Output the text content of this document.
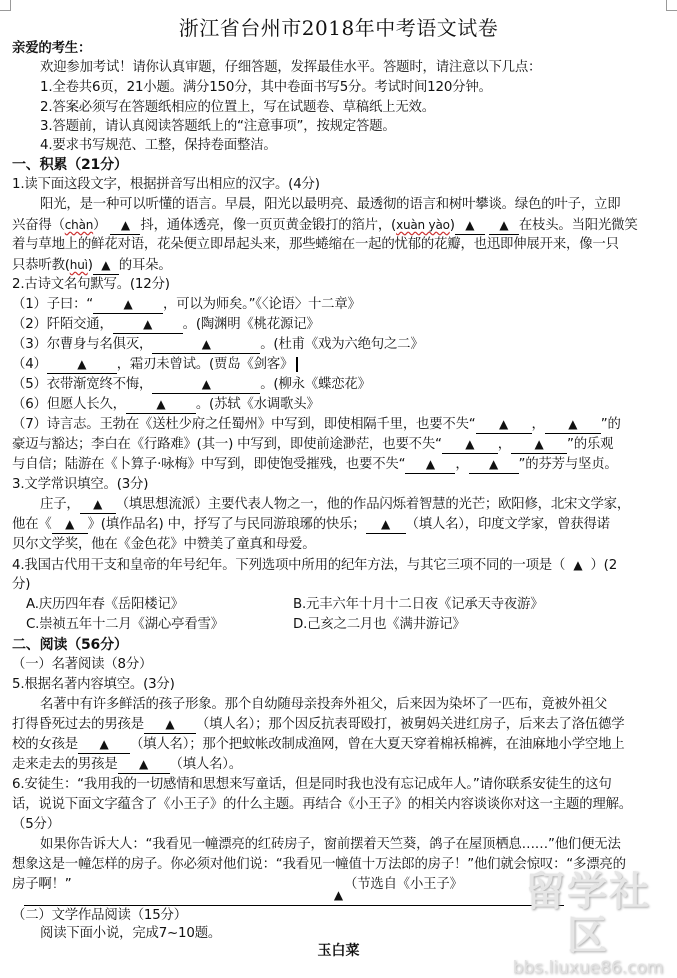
浙江省台州市2018年中考语文试卷
亲爱的考生：
欢迎参加考试！请你认真审题，仔细答题，发挥最佳水平。答题时，请注意以下几点：
1.全卷共6页，21小题。满分150分，其中卷面书写5分。考试时间120分钟。
2.答案必须写在答题纸相应的位置上，写在试题卷、草稿纸上无效。
3.答题前，请认真阅读答题纸上的“注意事项”，按规定答题。
4.要求书写规范、工整，保持卷面整洁。
一、积累（21分）
1.读下面这段文字，根据拼音写出相应的汉字。(4分)
阳光，是一种可以听懂的语言。早晨，阳光以最明亮、最透彻的语言和树叶攀谈。绿色的叶子，立即
兴奋得（chàn） ▲ 抖，通体透亮，像一页页黄金锻打的箔片，(xuàn yào) ▲ ▲ 在枝头。当阳光微笑
着与草地上的鲜花对语，花朵便立即昂起头来，那些蜷缩在一起的忧郁的花瓣，也迅即伸展开来，像一只
只恭听教(huì) ▲ 的耳朵。
2.古诗文名句默写。(12分)
（1）子曰：“	▲ ，可以为师矣。”《〈论语〉十二章》
（2）阡陌交通，	▲ 。(陶渊明《桃花源记》
（3）尔曹身与名俱灭，	▲	。(杜甫《戏为六绝句之二》
（4）	▲ ，霜刃未曾试。(贾岛《剑客》
（5）衣带渐宽终不悔，	▲	。(柳永《蝶恋花》
（6）但愿人长久，	▲ 。(苏轼《水调歌头》
（7）诗言志。王勃在《送杜少府之任蜀州》中写到，即使相隔千里，也要不失“ ▲ ， ▲ ”的
豪迈与豁达；李白在《行路难》(其一) 中写到，即使前途渺茫，也要不失“ ▲ ， ▲ ”的乐观
与自信；陆游在《卜算子·咏梅》中写到，即使饱受摧残，也要不失“ ▲ ， ▲ ”的芬芳与坚贞。
3.文学常识填空。(3分)
庄子， ▲ （填思想流派）主要代表人物之一，他的作品闪烁着智慧的光芒；欧阳修，北宋文学家，
他在《 ▲ 》(填作品名) 中，抒写了与民同游琅琊的快乐； ▲ （填人名），印度文学家，曾获得诺
贝尔文学奖，他在《金色花》中赞美了童真和母爱。
4.我国古代用干支和皇帝的年号纪年。下列选项中所用的纪年方法，与其它三项不同的一项是（ ▲ ）(2
分)
A.庆历四年春《岳阳楼记》	B.元丰六年十月十二日夜《记承天寺夜游》
C.崇祯五年十二月《湖心亭看雪》	D.己亥之二月也《满井游记》
二、阅读（56分）
（一）名著阅读（8分）
5.根据名著内容填空。(3分)
名著中有许多鲜活的孩子形象。那个自幼随母亲投奔外祖父，后来因为染坏了一匹布，竟被外祖父
打得昏死过去的男孩是 ▲ （填人名）；那个因反抗表哥殴打，被舅妈关进红房子，后来去了洛伍德学
校的女孩是 ▲ （填人名）；那个把蚊帐改制成渔网，曾在大夏天穿着棉袄棉裤，在油麻地小学空地上
走来走去的男孩是 ▲ （填人名）。
6.安徒生：“我用我的一切感情和思想来写童话，但是同时我也没有忘记成年人。”请你联系安徒生的这句
话，说说下面文字蕴含了《小王子》的什么主题。再结合《小王子》的相关内容谈谈你对这一主题的理解。
（5分）
如果你告诉大人：“我看见一幢漂亮的红砖房子，窗前摆着天竺葵，鸽子在屋顶栖息……”他们便无法
想象这是一幢怎样的房子。你必须对他们说：“我看见一幢值十万法郎的房子！”他们就会惊叹：“多漂亮的
房子啊！”	（节选自《小王子》
▲
（二）文学作品阅读（15分）
阅读下面小说，完成7~10题。
玉白菜
留学社区
bbs.liuxue86.com
